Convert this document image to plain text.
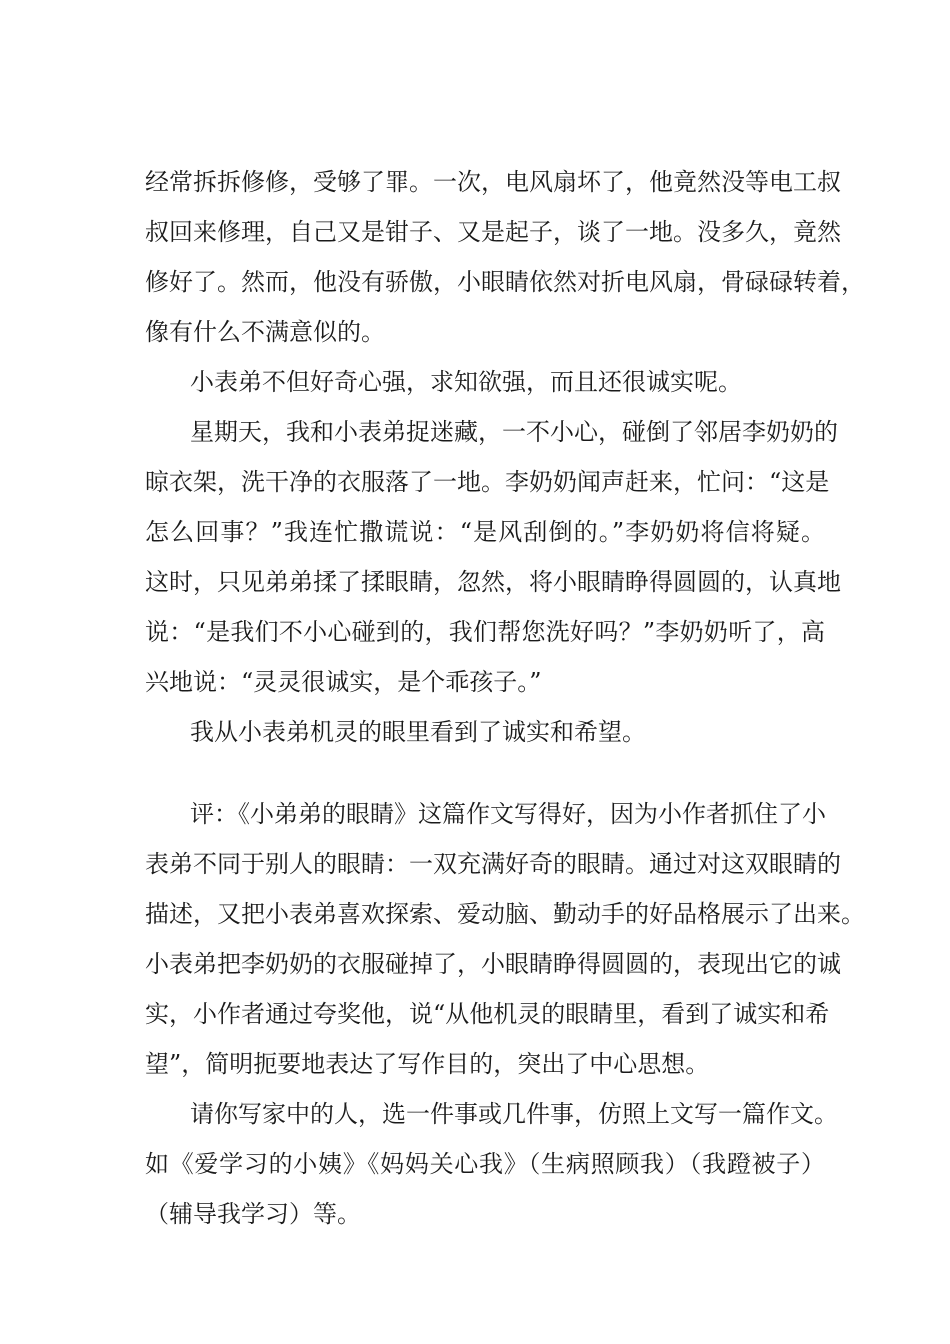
经常拆拆修修，受够了罪。一次，电风扇坏了，他竟然没等电工叔

叔回来修理，自己又是钳子、又是起子，谈了一地。没多久，竟然

修好了。然而，他没有骄傲，小眼睛依然对折电风扇，骨碌碌转着，

像有什么不满意似的。

小表弟不但好奇心强，求知欲强，而且还很诚实呢。

星期天，我和小表弟捉迷藏，一不小心，碰倒了邻居李奶奶的

晾衣架，洗干净的衣服落了一地。李奶奶闻声赶来，忙问：“这是

怎么回事？”我连忙撒谎说：“是风刮倒的。”李奶奶将信将疑。

这时，只见弟弟揉了揉眼睛，忽然，将小眼睛睁得圆圆的，认真地

说：“是我们不小心碰到的，我们帮您洗好吗？”李奶奶听了，高

兴地说：“灵灵很诚实，是个乖孩子。”

我从小表弟机灵的眼里看到了诚实和希望。

评：《小弟弟的眼睛》这篇作文写得好，因为小作者抓住了小

表弟不同于别人的眼睛：一双充满好奇的眼睛。通过对这双眼睛的

描述，又把小表弟喜欢探索、爱动脑、勤动手的好品格展示了出来。

小表弟把李奶奶的衣服碰掉了，小眼睛睁得圆圆的，表现出它的诚

实，小作者通过夸奖他，说“从他机灵的眼睛里，看到了诚实和希

望”，简明扼要地表达了写作目的，突出了中心思想。

请你写家中的人，选一件事或几件事，仿照上文写一篇作文。

如《爱学习的小姨》《妈妈关心我》（生病照顾我）（我蹬被子）

（辅导我学习）等。
